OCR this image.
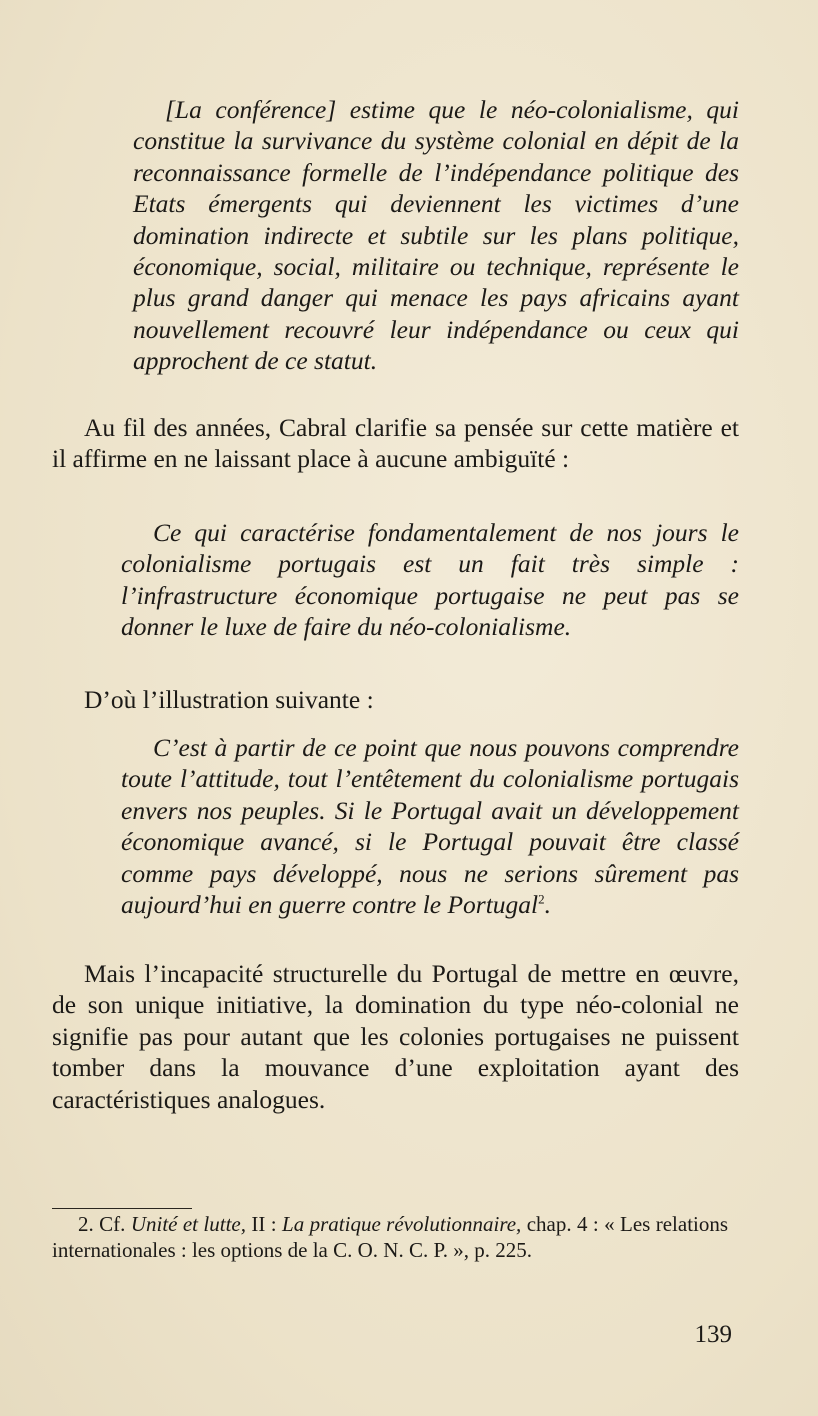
[La conférence] estime que le néo-colonialisme, qui constitue la survivance du système colonial en dépit de la reconnaissance formelle de l’indépendance politique des Etats émergents qui deviennent les victimes d’une domination indirecte et subtile sur les plans politique, économique, social, militaire ou technique, représente le plus grand danger qui menace les pays africains ayant nouvellement recouvré leur indépendance ou ceux qui approchent de ce statut.

Au fil des années, Cabral clarifie sa pensée sur cette matière et il affirme en ne laissant place à aucune ambiguïté :

Ce qui caractérise fondamentalement de nos jours le colonialisme portugais est un fait très simple : l’infrastructure économique portugaise ne peut pas se donner le luxe de faire du néo-colonialisme.

D’où l’illustration suivante :

C’est à partir de ce point que nous pouvons comprendre toute l’attitude, tout l’entêtement du colonialisme portugais envers nos peuples. Si le Portugal avait un développement économique avancé, si le Portugal pouvait être classé comme pays développé, nous ne serions sûrement pas aujourd’hui en guerre contre le Portugal$^2$.

Mais l’incapacité structurelle du Portugal de mettre en œuvre, de son unique initiative, la domination du type néo-colonial ne signifie pas pour autant que les colonies portugaises ne puissent tomber dans la mouvance d’une exploitation ayant des caractéristiques analogues.

2. Cf. Unité et lutte, II : La pratique révolutionnaire, chap. 4 : « Les relations internationales : les options de la C. O. N. C. P. », p. 225.

139
